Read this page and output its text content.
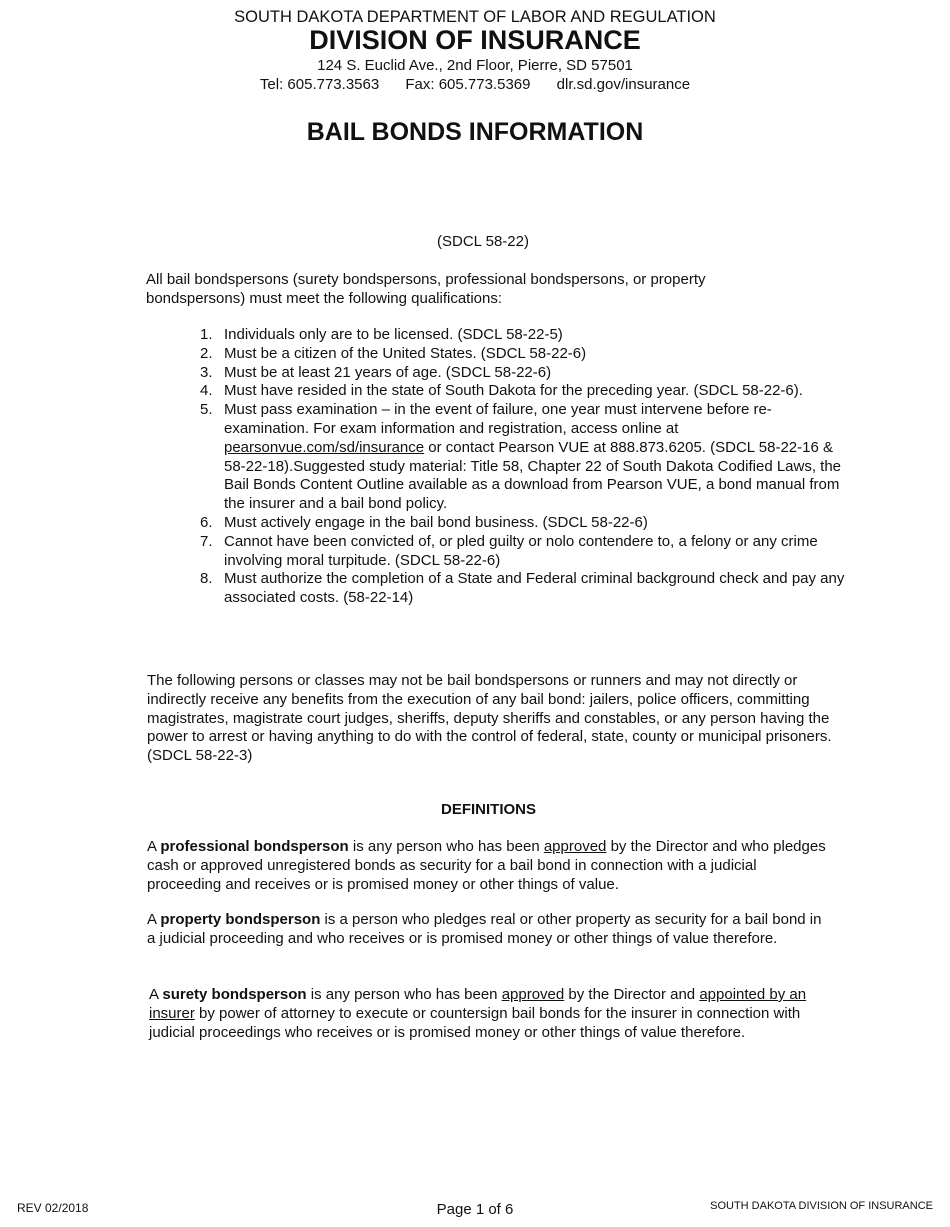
SOUTH DAKOTA DEPARTMENT OF LABOR AND REGULATION
DIVISION OF INSURANCE
124 S. Euclid Ave., 2nd Floor, Pierre, SD 57501
Tel: 605.773.3563 Fax: 605.773.5369 dlr.sd.gov/insurance
BAIL BONDS INFORMATION
(SDCL 58-22)
All bail bondspersons (surety bondspersons, professional bondspersons, or property bondspersons) must meet the following qualifications:
1. Individuals only are to be licensed. (SDCL 58-22-5)
2. Must be a citizen of the United States. (SDCL 58-22-6)
3. Must be at least 21 years of age. (SDCL 58-22-6)
4. Must have resided in the state of South Dakota for the preceding year. (SDCL 58-22-6).
5. Must pass examination – in the event of failure, one year must intervene before re-examination. For exam information and registration, access online at pearsonvue.com/sd/insurance or contact Pearson VUE at 888.873.6205. (SDCL 58-22-16 & 58-22-18).Suggested study material: Title 58, Chapter 22 of South Dakota Codified Laws, the Bail Bonds Content Outline available as a download from Pearson VUE, a bond manual from the insurer and a bail bond policy.
6. Must actively engage in the bail bond business. (SDCL 58-22-6)
7. Cannot have been convicted of, or pled guilty or nolo contendere to, a felony or any crime involving moral turpitude. (SDCL 58-22-6)
8. Must authorize the completion of a State and Federal criminal background check and pay any associated costs. (58-22-14)
The following persons or classes may not be bail bondspersons or runners and may not directly or indirectly receive any benefits from the execution of any bail bond: jailers, police officers, committing magistrates, magistrate court judges, sheriffs, deputy sheriffs and constables, or any person having the power to arrest or having anything to do with the control of federal, state, county or municipal prisoners. (SDCL 58-22-3)
DEFINITIONS
A professional bondsperson is any person who has been approved by the Director and who pledges cash or approved unregistered bonds as security for a bail bond in connection with a judicial proceeding and receives or is promised money or other things of value.
A property bondsperson is a person who pledges real or other property as security for a bail bond in a judicial proceeding and who receives or is promised money or other things of value therefore.
A surety bondsperson is any person who has been approved by the Director and appointed by an insurer by power of attorney to execute or countersign bail bonds for the insurer in connection with judicial proceedings who receives or is promised money or other things of value therefore.
REV 02/2018	Page 1 of 6	SOUTH DAKOTA DIVISION OF INSURANCE
